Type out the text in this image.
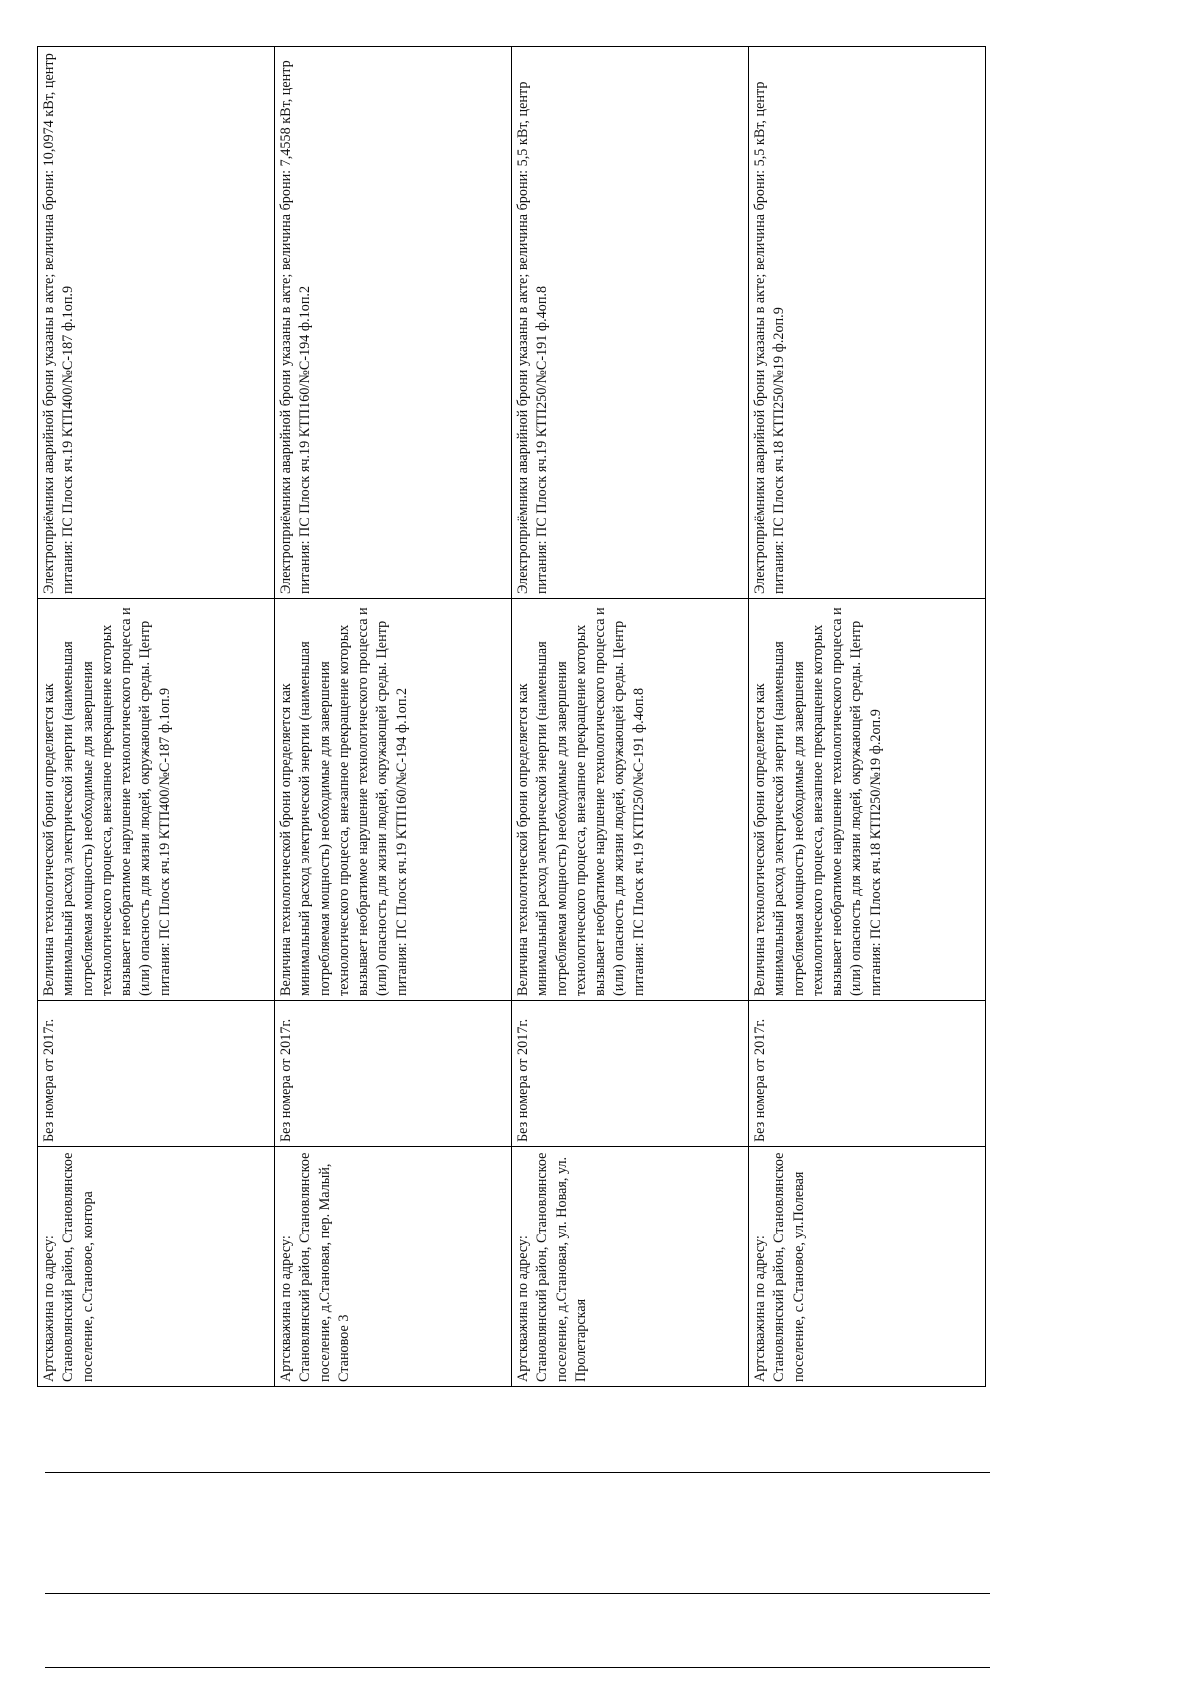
Артскважина по адресу: Становлянский район, Становлянское поселение, с.Становое, контора	Без номера от 2017г.	Величина технологической брони определяется как минимальный расход электрической энергии (наименьшая потребляемая мощность) необходимые для завершения технологического процесса, внезапное прекращение которых вызывает необратимое нарушение технологического процесса и (или) опасность для жизни людей, окружающей среды. Центр питания: ПС Плоск яч.19 КТП400/№С-187 ф.1оп.9	Электроприёмники аварийной брони указаны в акте; величина брони: 10,0974 кВт, центр питания: ПС Плоск яч.19 КТП400/№С-187 ф.1оп.9
Артскважина по адресу: Становлянский район, Становлянское поселение, д.Становая, пер. Малый, Становое 3	Без номера от 2017г.	Величина технологической брони определяется как минимальный расход электрической энергии (наименьшая потребляемая мощность) необходимые для завершения технологического процесса, внезапное прекращение которых вызывает необратимое нарушение технологического процесса и (или) опасность для жизни людей, окружающей среды. Центр питания: ПС Плоск яч.19 КТП160/№С-194 ф.1оп.2	Электроприёмники аварийной брони указаны в акте; величина брони: 7,4558 кВт, центр питания: ПС Плоск яч.19 КТП160/№С-194 ф.1оп.2
Артскважина по адресу: Становлянский район, Становлянское поселение, д.Становая, ул. Новая, ул. Пролетарская	Без номера от 2017г.	Величина технологической брони определяется как минимальный расход электрической энергии (наименьшая потребляемая мощность) необходимые для завершения технологического процесса, внезапное прекращение которых вызывает необратимое нарушение технологического процесса и (или) опасность для жизни людей, окружающей среды. Центр питания: ПС Плоск яч.19 КТП250/№С-191 ф.4оп.8	Электроприёмники аварийной брони указаны в акте; величина брони: 5,5 кВт, центр питания: ПС Плоск яч.19 КТП250/№С-191 ф.4оп.8
Артскважина по адресу: Становлянский район, Становлянское поселение, с.Становое, ул.Полевая	Без номера от 2017г.	Величина технологической брони определяется как минимальный расход электрической энергии (наименьшая потребляемая мощность) необходимые для завершения технологического процесса, внезапное прекращение которых вызывает необратимое нарушение технологического процесса и (или) опасность для жизни людей, окружающей среды. Центр питания: ПС Плоск яч.18 КТП250/№19 ф.2оп.9	Электроприёмники аварийной брони указаны в акте; величина брони: 5,5 кВт, центр питания: ПС Плоск яч.18 КТП250/№19 ф.2оп.9
